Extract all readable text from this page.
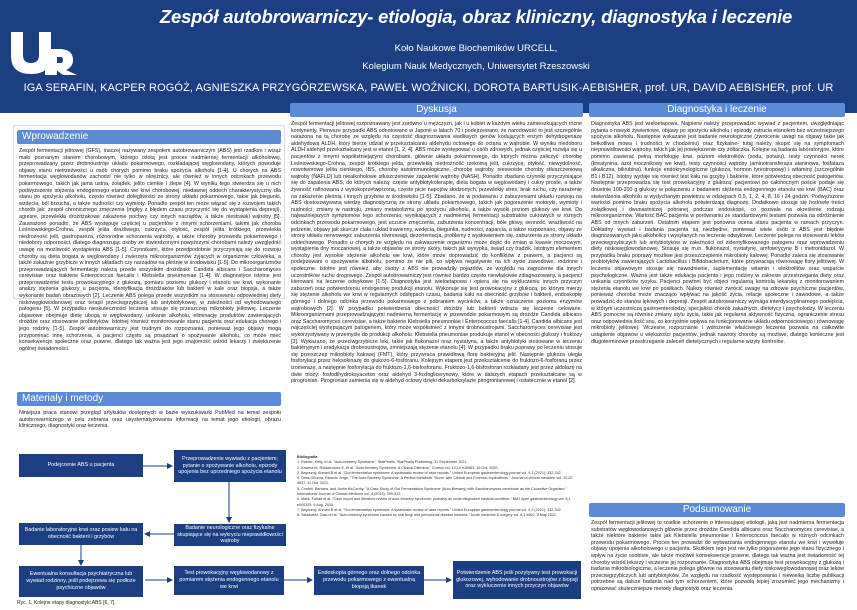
Zespół autobrowarniczy- etiologia, obraz kliniczny, diagnostyka i leczenie
Koło Naukowe Biochemików URCELL,
Kolegium Nauk Medycznych, Uniwersytet Rzeszowski
IGA SERAFIN, KACPER ROGÓŻ, AGNIESZKA PRZYGÓRZEWSKA, PAWEŁ WOŹNICKI, DOROTA BARTUSIK-AEBISHER, prof. UR, DAVID AEBISHER, prof. UR
Wprowadzenie
Zespół fermentacji jelitowej (GFS), inaczej nazywany zespołem autobrowarniczym (ABS) jest rzadkim i wciąż mało poznanym stanem chorobowym, którego istotą jest proces nadmiernej fermentacji alkoholowej, przeprowadzany przez drobnoustroje układu pokarmowego, rozkładającej węglowodany, których powoduje objawy stanu nietrzeźwości u osób chorych pomimo braku spożycia alkoholu [1-4]. U chorych na ABS fermentacja węglowodanów zachodzi nie tylko w okrężnicy, ale również w innych odcinkach przewodu pokarmowego, takich jak jama ustna, żołądek, jelito cienkie i ślepe [4]. W wyniku tego stwierdza się u nich podwyższenie stężenia endogennego etanolu we krwi chorobowej, niedawnej oddech charakterystyczny dla stanu po spożyciu alkoholu, często również dolegliwości ze strony układu pokarmowego, takie jak biegunki, wzdęcia, ból brzucha, a także nudności czy wymioty. Ponadto zespół ten może wiązać się z rozwojem takich chorób jak: zespół chronicznego zmęczenia (mgłęy z błędem czasu przyczynić się do wystąpienia depresji), agresre, przewlekła drożdżakowe zakażenie pochwy czy innych narządów, a także niestrawki wątroby [5]. Zauważono ponadto, że ABS występuje częściej u pacjentów z innymi schorzeniami, takimi jak choroba Leśniowskiego-Crohna, zespół jelita drażliwego, cukrzyca, otyłość, zespół jelita krótkiego, przewlekła niedrożność jelit, gastropareza, różnorodne schorzenia wątroby, a także choroby przewodu pokarmowego i niedobory odporności, dlatego diagnozując osoby ze stwierdzonymi powyższymi chorobami należy uwzględnić uwagę na możliwość wystąpienia ABS [1-5]. Czynnikami, które przedpodobnie przyczyniają się do rozwoju choroby są dieta bogata w węglowodany i zwierzęta mikroorganizmów żyjących w organizmie człowieka, a także zakaźnie grzybicze w innych układach czy narządów na pleśnie w środowisku [1-5]. Do mikroorganizmów przeprowadzających fermentację należą przede wszystkim drożdżaki: Candida albicans i Saccharomyces cerevisiae oraz bakterie Enterococcus faecalis i Klebsiella pneumoniae [1-4]. W diagnostyce istotne jest przeprowadzenie testu prowokacyjnego z glukozą, pomiaru poziomu glukozy i etanolu we krwi, wykonanie analizy stężenia glukozy u pacjenta, identyfikacja drożdżaków lub bakterii w kale oraz biopsja, a także wykonanie badań obrazowych [2]. Leczenie ABS polega przede wszystkim na stosowaniu odpowiedniej diety niskowęglowodanowej oraz terapii przeciwgrzybiczej lub antybiotykowej, w zależności od wyhodowanego patogenu [5]. W przypadku nieskuteczności leczenia stosuje się przeszczep mikrobioty jelitowej. Leczenie objawowe obejmuje dietę ubogą w węglowodany, unikanie alkoholu, eliminację produktów zawierających drożdże oraz stosowanie probiotyków. Istotnej również monitorowanie stanu pacjenta oraz edukacja chorego i jego rodziny [1-5]. Zespół autobrowarniczy jest trudnym do rozpoznania, ponieważ jego objawy mogą przypominać inne schorzenia, a pacjenci często są posądzani o spożywanie alkoholu, co może mieć konsekwencje społeczne oraz prawne, dlatego tak ważna jest jego znajomość wśród lekarzy i zwiększenie ogólnej świadomości.
Materiały i metody
Niniejsza praca stanowi przegląd artykułów dostępnych w bazie wyszukiwarki PubMed na temat zespołu autobrowarniczego w celu zebrania oraz usystematyzowania informacji na temat jego etiologii, obrazu klinicznego, diagnostyki oraz leczenia.
Dyskusja
Zespół fermentacji jelitowej rozpoznawany jest zarówno u mężczyzn, jak i u kobiet w każdym wieku zamieszkujących różne kontynenty. Pierwsze przypadki ABS odnotowano w Japonii w latach 70 i podejrzewano, że narodowość to jest szczególnie narażona na tą chorobę ze względu na częstość diagnozowania wadliwych genów kodujących enzym dehydrogenazę aldehydową ALDH, który bierze udział w przekształcaniu aldehydu octowego do octanu w wątrobie. W wyniku niedoboru ALDH aldehyd przekształcany jest w etanol [1, 2, 4]. ABS może występować u osób zdrowych, jednak częściej rozwija się u pacjentów z innymi współistniejącymi chorobami, głównie układu pokarmowego, do których można zaliczyć: chorobę Leśniowskiego-Crohna, zespół krótkiego jelita, przewlekłą niedrożność rzekomą jelit, cukrzycę, otyłość, niewydolność, nowotworowe jelita cienkiego, IBS, chorobę autoimmunologiczne, chorobę wątroby, nieswoiste choroby stłuszczeniową wątroby (NAFLD) lub niealkoholowe stłuszczeniowe zapalenie wątroby (NASH). Ponadto zbadano czynniki przyczyniające się do zapalenia ABS, do których należą: częste antybiotykoterapie, dieta bogata w węglowodany i cukry proste, a także żywność rafinowana z wysokoprzetworzoną, częste picie napojów słodzonych, przewlekły stres, brak ruchu, czy narażenie na zakażenie pleśnią i innych grzybów w środowisku [1-5]. Zbadano, że w podawaniu z zaburzeniami układu rozwoju na ABS dostosowywaną wiedzę diagnostyczną ze strony układu pokarmowego, takich jak pogorszenie motoryki, wymioty i nudności, zmiany w nastroju, zmiany metabolizmu po spożyciu alkoholu, a także wysoki poziom glukozy we krwi. Do najważniejszych symptomów tego schorzenia, wynikających z nadmiernej fermentacji substratów cukrowych w różnych odcinkach przewodu pokarmowego, jest uczucie zmęczenia, zaburzenia koncentracji, bóle głowy, senność, wrażliwość na jedzenie, objawy jak skurcze ciała i układ trawienny, wzdęcia, biegunka, nudności, zaparcia, a także rozpoznano, objawy ze strony układu nerwowego: zaburzenia równowagi, dezorientacja, problemy z wysłowieniem się, zaburzenia ze strony układu oddechowego. Ponadto u chorych ze względu na zakwaszenie organizmu może dojść do zmian w kwasie moczowym, wystąpienia dny moczanowej, a także objawów ze strony skóry, takich jak wysypka, świąd czy trądzik. Istotnym elementem choroby jest wysokie stężenie alkoholu we krwi, które może doprowadzić do konfliktów z prawem, a pacjenci są podejrzewani o spożywanie alkoholu, pomimo że nie pili, co wpływa negatywnie na ich życie zawodowe, rodzinne i społeczne. Istotne jest również, aby osoby z ABS nie prowadziły pojazdów, ze względu na zagrożenie dla innych uczestników ruchu drogowego. Zespół autobrowarniczy jest również bardzo często niewłaściwie zdiagnozowany, a pacjenci kierowani na leczenie odwykowe [1-5]. Diagnostyka jest wieloetapowa i opiera się na wykluczeniu innych przyczyn zaburzeń oraz potwierdzeniu endogennej produkcji etanolu. Wykonuje się test prowokacyjny z glukozą, po którym mierzy się stężenie alkoholu we krwi w regularnych odstępach czasu, badania kału na obecność grzybów i bakterii, endoskopię górnego i dolnego odcinka przewodu pokarmowego z pobraniem wycinków, a także oznaczenie poziomu enzymów wątrobowych [2]. W przypadku potwierdzenia obecności drożdży lub bakterii wdraża się leczenie celowane. Mikroorganizmami przeprowadzającymi nadmierną fermentację w przewodzie pokarmowym są drożdże Candida albicans oraz Saccharomyces cerevisiae, a także bakterie Klebsiella pneumoniae i Enterococcus faecalis [1-4]. Candida albicans jest najczęściej występującym patogenem, który może współistnieć z innymi drobnoustrojami. Saccharomyces cerevisiae jest wykorzystywany w przemyśle do produkcji alkoholu. Klebsiella pneumoniae produkuje etanol w obecności glukozy i fruktozy [3]. Wykazano, że przeciwgrzybicze leki, takie jak flukonazol oraz nystatyna, a także antybiotyki stosowane w leczeniu bakteryjnym i eradykacja drobnoustrojów, zmniejszają stężenie etanolu [4]. W przypadku braku poprawy po leczeniu stosuje się przeszczep mikrobioty kałowej (FMT), który przywraca prawidłową florę bakteryjną jelit. Następnie glukoza uległa fosforylacji przez heksokinazę do glukozo-6-fosforanu. Kolejnym etapem jest przekształcenie do fruktozo-6-fosforanu przez izomerazę, a następnie fosforylacja do fruktozo-1,6-bisfosforanu. Fruktozo-1,6-bisfosforan rozkładany jest przez aldolazę na dwie triozy: fosfodihydroksyaceton oraz aldehyd 3-fosfoglicerynowy, które w dalszych etapach przekształcane są w pirogronian. Pirogronian zamienia się w aldehyd octowy dzięki dekarboksylazie pirogronianowej i ostatecznie w etanol [2].
Bibliografia
1. Painter, Kelly, et al. "Auto-brewery Syndrome." StatPearls, StatPearls Publishing, 31 September 2021.
2. Kaweta M, Roldanowicz E. et al. "Auto-brewery Syndrome: A Clinical Dilemma." Cureus vol. 12,10 e10983. 16 Oct. 2020.
3. Bayoumy, Ahmed B et al. "Gut fermentation syndrome: A systematic review of case reports." United European gastroenterology journal vol. 9,3 (2021): 332-342.
4. Dinis-Oliveira, Ricardo Jorge. "The Auto-Brewery Syndrome: A Perfect Metabolic 'Storm' with Clinical and Forensic Implications." Journal of clinical medicine vol. 10,20 4637. 11 Oct. 2021.
5. Cordell, Barbara, and Justin McCarthy. "A Case Study of Gut Fermentation Syndrome (Auto-Brewery) with Saccharomyces cerevisiae as the Causative Organism." International Journal of Clinical Medicine vol. 4 (2013): 309-312.
6. Malik, Fahad et al. "Case report and literature review of auto-brewery syndrome: probably an underdiagnosed medical condition." BMJ open gastroenterology vol. 6,1 e000325. 5 Aug. 2019.
7. Bayoumy, Ahmed B et al. "Gut fermentation syndrome: A systematic review of case reports." United European gastroenterology journal vol. 9,3 (2021): 332-342.
8. Takahashi, Gaku et al. "Auto-brewery syndrome caused by oral fungi and periodontal disease bacteria." Acute medicine & surgery vol. 8,1 e652. 3 May 2021.
Diagnostyka i leczenie
Diagnostyka ABS jest wieloetapowa. Najpierw należy przeprowadzić wywiad z pacjentem, uwzględniając pytania o nawyki żywieniowe, objawy po spożyciu alkoholu i epizody zatrucia etanolem bez wcześniejszego spożycia alkoholu. Następnie wskazane jest badanie neurologiczne (zwrócenie uwagi na objawy takie jak bełkotliwa mowa i trudności w chodzeniu) oraz fizykalne- tutaj należy skupić się na symptomach nieprawidłowości wątroby, takich jak jej powiększenie czy żółtaczka. Kolejne są badania laboratoryjne, które pomimo zawierać pełną morfologię krwi, poziom elektrolitów (sodu, potasu), testy czynności nerek (kreatynina, azot mocznikowy we krwi), testy czynności wątroby (aminotransferaza alaninowa, fosfataza alkaliczna, bilirubina), funkcje endokrynologiczne (glukoza, hormon tyreotropowy) i witaminy (szczególnie B1 i B12). Istotny wydaje się również test kału na grzyby i bakterie, które potwierdzą obecność patogenów. Następnie przeprowadza się test prowokacyjny z glukozą: pacjentowi po całonocnym poście podaje się doustnie 100-200 g glukozy w połączeniu z badaniem stężenia endogennego etanolu we krwi (BAC) oraz stwierdzenia alkoholu w wydychanym powietrzu w odstępach 0,5, 1, 2, 4, 8, 16 i 24 godzin. Podwyższone wartości pomimo braku spożycia alkoholu potwierdzają diagnozę. Dodatkowo stosuje się hodowlę treści żołądkowej i dwunastniczej pobranej podczas endoskopii, co pozwala na określenie rodzaju mikroorganizmów. Wartość BAC pacjenta w porównaniu ze standardowymi testami pozwala na odróżnienie ABS od innych zaburzeń. Ostatnim etapem jest ponowna ocena stanu pacjenta w ramach przyczyn. Dokładny wywiad i badania pacjenta są niezbędne, ponieważ wiele osób z ABS jest błędnie diagnozowanych jako alkoholicy i wysyłanych na leczenie odwykowe. Leczenie polega na stosowaniu leków przeciwgrzybiczych lub antybiotyków w zależności od zidentyfikowanego patogenu oraz wprowadzeniu diety niskowęglowodanowej. Stosuje się m.in. flukonazol, nystatynę, amfoterycynę B i metronidazol. W przypadku braku poprawy możliwe jest przeszczepienie mikrobioty kałowej. Ponadto zaleca się stosowanie probiotyków zawierających Lactobacillus i Bifidobacterium, które przywracają równowagę flory jelitowej. W leczeniu objawowym stosuje się nawodnienie, suplementację witamin i elektrolitów oraz wsparcie psychologiczne. Ważna jest także edukacja pacjenta i jego rodziny w zakresie przestrzegania diety oraz unikania czynników ryzyka. Pacjenci powinni być objęci regularną kontrolą lekarską z monitorowaniem stężenia etanolu we krwi po posiłkach. Należy również zwrócić uwagę na zdrowie psychiczne pacjentów, ponieważ choroba może znacząco wpływać na jakość życia, relacje społeczne i zawodowe, a także prowadzić do stanów lękowych i depresji. Zespół autobrowarniczy wymaga interdyscyplinarnego podejścia, w którym uczestniczą gastroenterolodzy, specjaliści chorób zakaźnych, dietetycy i psycholodzy. W leczeniu ABS pomocne są również zmiany stylu życia, takie jak regularna aktywność fizyczna, ograniczenie stresu oraz odpowiednia ilość snu, co korzystnie wpływa na funkcjonowanie układu odpornościowego i równowagę mikrobioty jelitowej. Wczesne rozpoznanie i wdrożenie właściwego leczenia pozwala na całkowite ustąpienie objawów u większości pacjentów, jednak nawroty choroby są możliwe, dlatego konieczne jest długoterminowe przestrzeganie zaleceń dietetycznych i regularne wizyty kontrolne.
Podsumowanie
Zespół fermentacji jelitowej to rzadkie schorzenie o interesującej etiologii, jaką jest nadmierna fermentacja substratów węglowodanowych głównie przez drożdże Candida albicans oraz Saccharomyces cerevisiae, a także niektóre bakterie takie jak Klebsiella pneumoniae i Enterococcus faecalis w różnych odcinkach przewodu pokarmowego. Proces ten prowadzi do wytwarzania endogennego etanolu we krwi i wywołuje objawy upojenia alkoholowego u pacjenta. Skutkiem tego jest nie tylko pogorszenie jego stanu fizycznego i wpływ na życie osobiste, ale także możliwe konsekwencje prawne, dlatego tak ważna jest świadomość tej choroby wśród lekarzy i wczesne jej rozpoznanie. Diagnostyka ABS obejmuje test prowokacyjny z glukozą i badania mikrobiologiczne, a leczenie polega głównie na stosowaniu diety niskowęglowodanowej oraz leków przeciwgrzybiczych lub antybiotyków. Ze względu na rzadkość występowania i niewielką liczbę publikacji potrzebne są dalsze badania nad tym schorzeniem, które pozwolą lepiej zrozumieć jego mechanizmy i opracować skuteczniejsze metody diagnostyki oraz leczenia.
Podejrzenie ABS u pacjenta
Przeprowadzenie wywiadu z pacjentem; pytanie o spożywanie alkoholu, epizody upojenia bez uprzedniego spożycia etanolu
Badanie laboratoryjne krwi oraz posiew kału na obecność bakterii i grzybów
Badanie neurologiczne oraz fizykalne skupiające się na wykryciu nieprawidłowości wątroby
Ewentualna konsultacja psychiatryczna lub wywiad rodzinny, jeśli podejrzewa się podłoże psychiczne objawów
Test prowokacyjny węglowodanowy z pomiarem stężenia endogennego etanolu we krwi
Endoskopia górnego oraz dolnego odcinka przewodu pokarmowego z ewentualną biopsją tkanek
Potwierdzenie ABS jeśli pozytywny test prowokacji glukozowej, wyhodowanie drobnoustrojów z biopsji oraz wykluczenie innych przyczyn objawów
Ryc. 1. Kolejne etapy diagnostyki ABS [6, 7].
